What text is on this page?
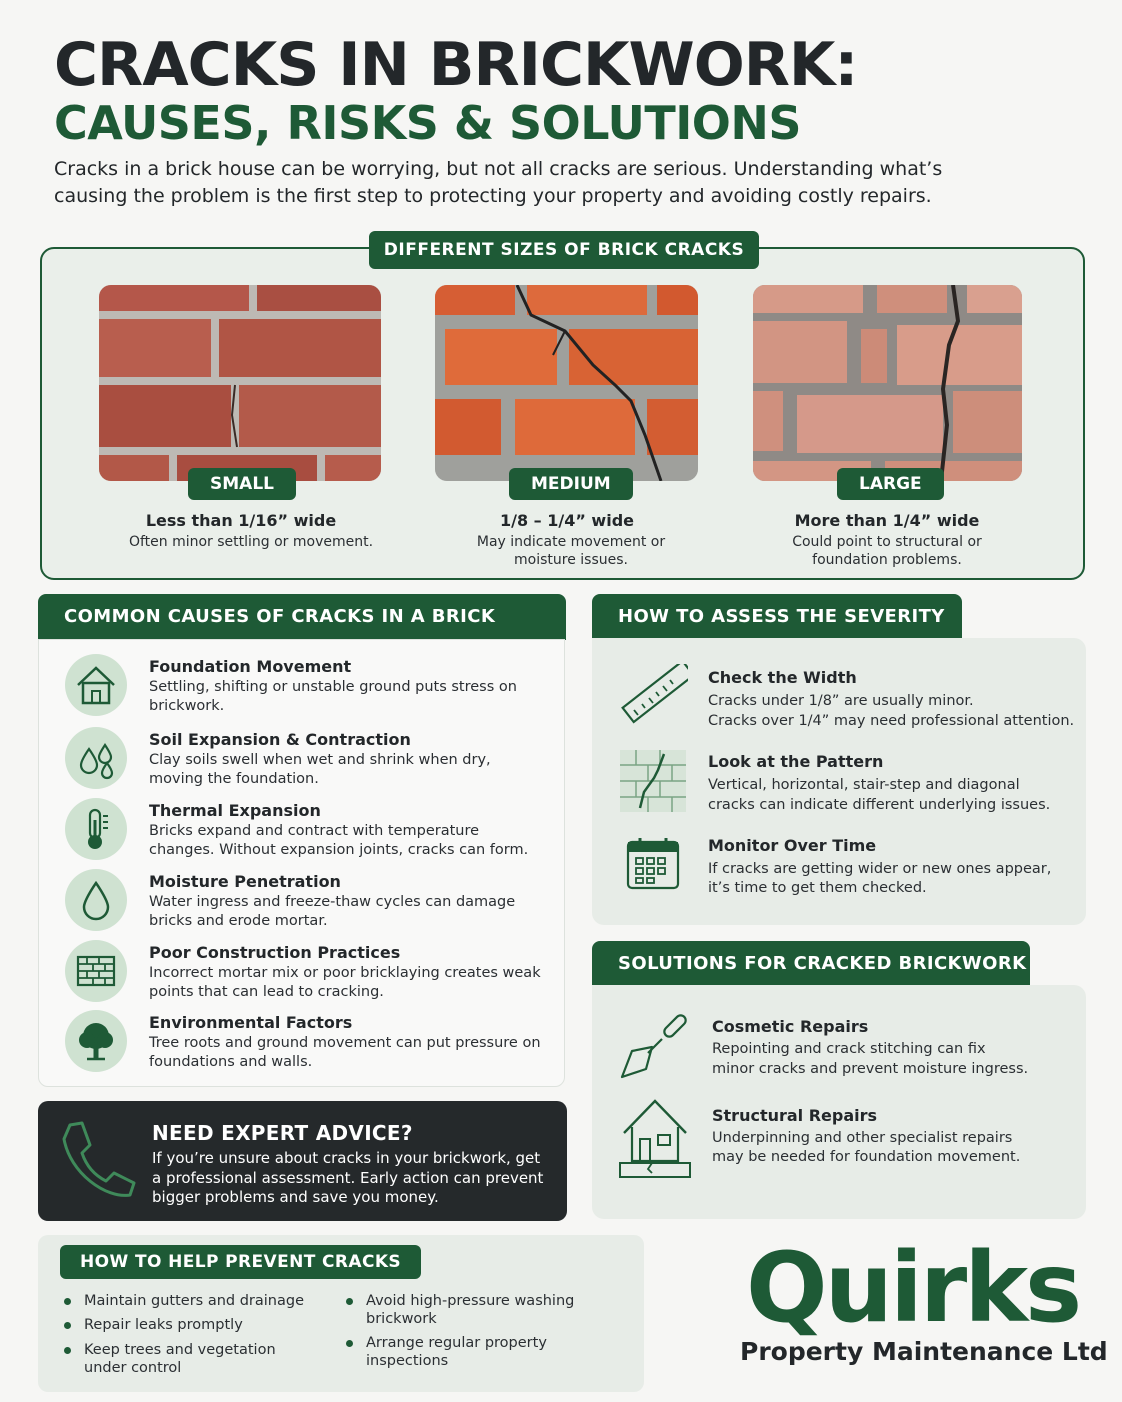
CRACKS IN BRICKWORK:
CAUSES, RISKS & SOLUTIONS
Cracks in a brick house can be worrying, but not all cracks are serious. Understanding what’s causing the problem is the first step to protecting your property and avoiding costly repairs.
DIFFERENT SIZES OF BRICK CRACKS
SMALL	MEDIUM	LARGE
Less than 1/16” wide
Often minor settling or movement.
1/8 – 1/4” wide
May indicate movement or moisture issues.
More than 1/4” wide
Could point to structural or foundation problems.
COMMON CAUSES OF CRACKS IN A BRICK
Foundation Movement
Settling, shifting or unstable ground puts stress on brickwork.
Soil Expansion & Contraction
Clay soils swell when wet and shrink when dry, moving the foundation.
Thermal Expansion
Bricks expand and contract with temperature changes. Without expansion joints, cracks can form.
Moisture Penetration
Water ingress and freeze-thaw cycles can damage bricks and erode mortar.
Poor Construction Practices
Incorrect mortar mix or poor bricklaying creates weak points that can lead to cracking.
Environmental Factors
Tree roots and ground movement can put pressure on foundations and walls.
NEED EXPERT ADVICE?
If you’re unsure about cracks in your brickwork, get a professional assessment. Early action can prevent bigger problems and save you money.
HOW TO ASSESS THE SEVERITY
Check the Width
Cracks under 1/8” are usually minor.
Cracks over 1/4” may need professional attention.
Look at the Pattern
Vertical, horizontal, stair-step and diagonal
cracks can indicate different underlying issues.
Monitor Over Time
If cracks are getting wider or new ones appear,
it’s time to get them checked.
SOLUTIONS FOR CRACKED BRICKWORK
Cosmetic Repairs
Repointing and crack stitching can fix
minor cracks and prevent moisture ingress.
Structural Repairs
Underpinning and other specialist repairs
may be needed for foundation movement.
HOW TO HELP PREVENT CRACKS
Maintain gutters and drainage
Repair leaks promptly
Keep trees and vegetation under control
Avoid high-pressure washing brickwork
Arrange regular property inspections
Quirks
Property Maintenance Ltd
